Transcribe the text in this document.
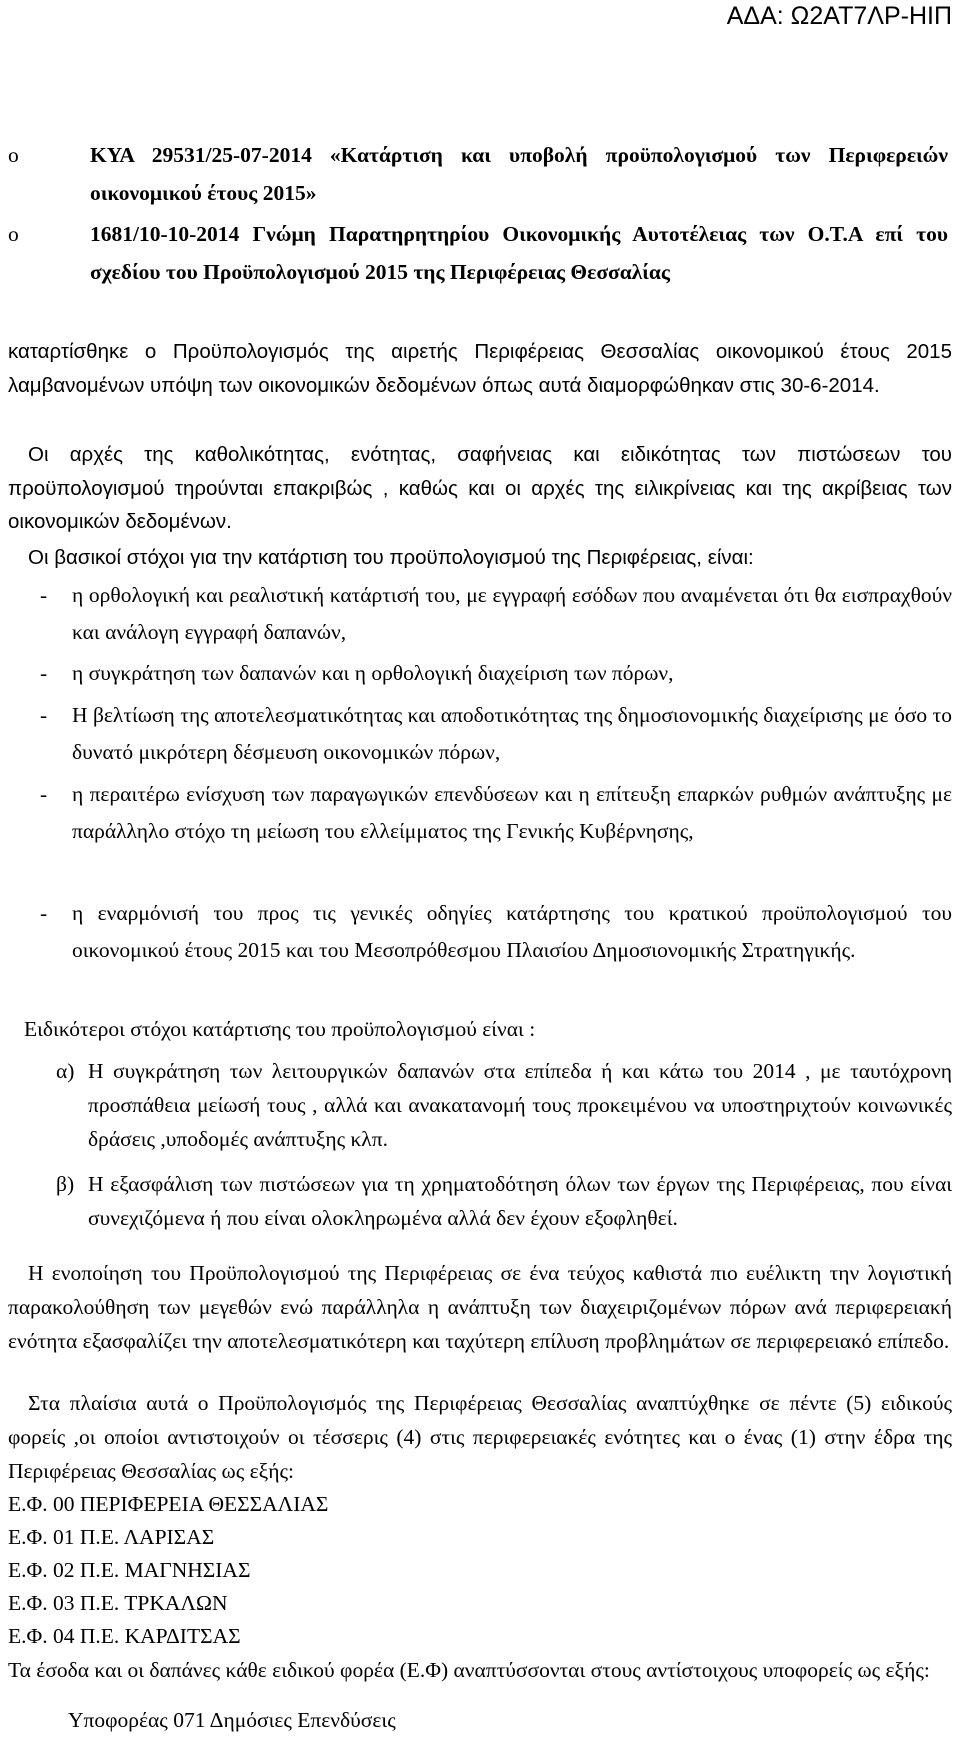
ΑΔΑ: Ω2ΑΤ7ΛΡ-ΗΙΠ
o	ΚΥΑ 29531/25-07-2014 «Κατάρτιση και υποβολή προϋπολογισμού των Περιφερειών οικονομικού έτους 2015»
o	1681/10-10-2014 Γνώμη Παρατηρητηρίου Οικονομικής Αυτοτέλειας των Ο.Τ.Α επί του σχεδίου του Προϋπολογισμού 2015 της Περιφέρειας Θεσσαλίας

καταρτίσθηκε ο Προϋπολογισμός της αιρετής Περιφέρειας Θεσσαλίας οικονομικού έτους 2015 λαμβανομένων υπόψη των οικονομικών δεδομένων όπως αυτά διαμορφώθηκαν στις 30-6-2014.

Οι αρχές της καθολικότητας, ενότητας, σαφήνειας και ειδικότητας των πιστώσεων του προϋπολογισμού τηρούνται επακριβώς , καθώς και οι αρχές της ειλικρίνειας και της ακρίβειας των οικονομικών δεδομένων.

Οι βασικοί στόχοι για την κατάρτιση του προϋπολογισμού της Περιφέρειας, είναι:

- η ορθολογική και ρεαλιστική κατάρτισή του, με εγγραφή εσόδων που αναμένεται ότι θα εισπραχθούν και ανάλογη εγγραφή δαπανών,
- η συγκράτηση των δαπανών και η ορθολογική διαχείριση των πόρων,
- Η βελτίωση της αποτελεσματικότητας και αποδοτικότητας της δημοσιονομικής διαχείρισης με όσο το δυνατό μικρότερη δέσμευση οικονομικών πόρων,
- η περαιτέρω ενίσχυση των παραγωγικών επενδύσεων και η επίτευξη επαρκών ρυθμών ανάπτυξης με παράλληλο στόχο τη μείωση του ελλείμματος της Γενικής Κυβέρνησης,
- η εναρμόνισή του προς τις γενικές οδηγίες κατάρτησης του κρατικού προϋπολογισμού του οικονομικού έτους 2015 και του Μεσοπρόθεσμου Πλαισίου Δημοσιονομικής Στρατηγικής.

Ειδικότεροι στόχοι κατάρτισης του προϋπολογισμού είναι :

α) Η συγκράτηση των λειτουργικών δαπανών στα επίπεδα ή και κάτω του 2014 , με ταυτόχρονη προσπάθεια μείωσή τους , αλλά και ανακατανομή τους προκειμένου να υποστηριχτούν κοινωνικές δράσεις ,υποδομές ανάπτυξης κλπ.
β) Η εξασφάλιση των πιστώσεων για τη χρηματοδότηση όλων των έργων της Περιφέρειας, που είναι συνεχιζόμενα ή που είναι ολοκληρωμένα αλλά δεν έχουν εξοφληθεί.

Η ενοποίηση του Προϋπολογισμού της Περιφέρειας σε ένα τεύχος καθιστά πιο ευέλικτη την λογιστική παρακολούθηση των μεγεθών ενώ παράλληλα η ανάπτυξη των διαχειριζομένων πόρων ανά περιφερειακή ενότητα εξασφαλίζει την αποτελεσματικότερη και ταχύτερη επίλυση προβλημάτων σε περιφερειακό επίπεδο.

Στα πλαίσια αυτά ο Προϋπολογισμός της Περιφέρειας Θεσσαλίας αναπτύχθηκε σε πέντε (5) ειδικούς φορείς ,οι οποίοι αντιστοιχούν οι τέσσερις (4) στις περιφερειακές ενότητες και ο ένας (1) στην έδρα της Περιφέρειας Θεσσαλίας ως εξής:

Ε.Φ. 00 ΠΕΡΙΦΕΡΕΙΑ ΘΕΣΣΑΛΙΑΣ

Ε.Φ. 01 Π.Ε. ΛΑΡΙΣΑΣ

Ε.Φ. 02 Π.Ε. ΜΑΓΝΗΣΙΑΣ

Ε.Φ. 03 Π.Ε. ΤΡΚΑΛΩΝ

Ε.Φ. 04 Π.Ε. ΚΑΡΔΙΤΣΑΣ

Τα έσοδα και οι δαπάνες κάθε ειδικού φορέα (Ε.Φ) αναπτύσσονται στους αντίστοιχους υποφορείς ως εξής:

Υποφορέας 071 Δημόσιες Επενδύσεις
